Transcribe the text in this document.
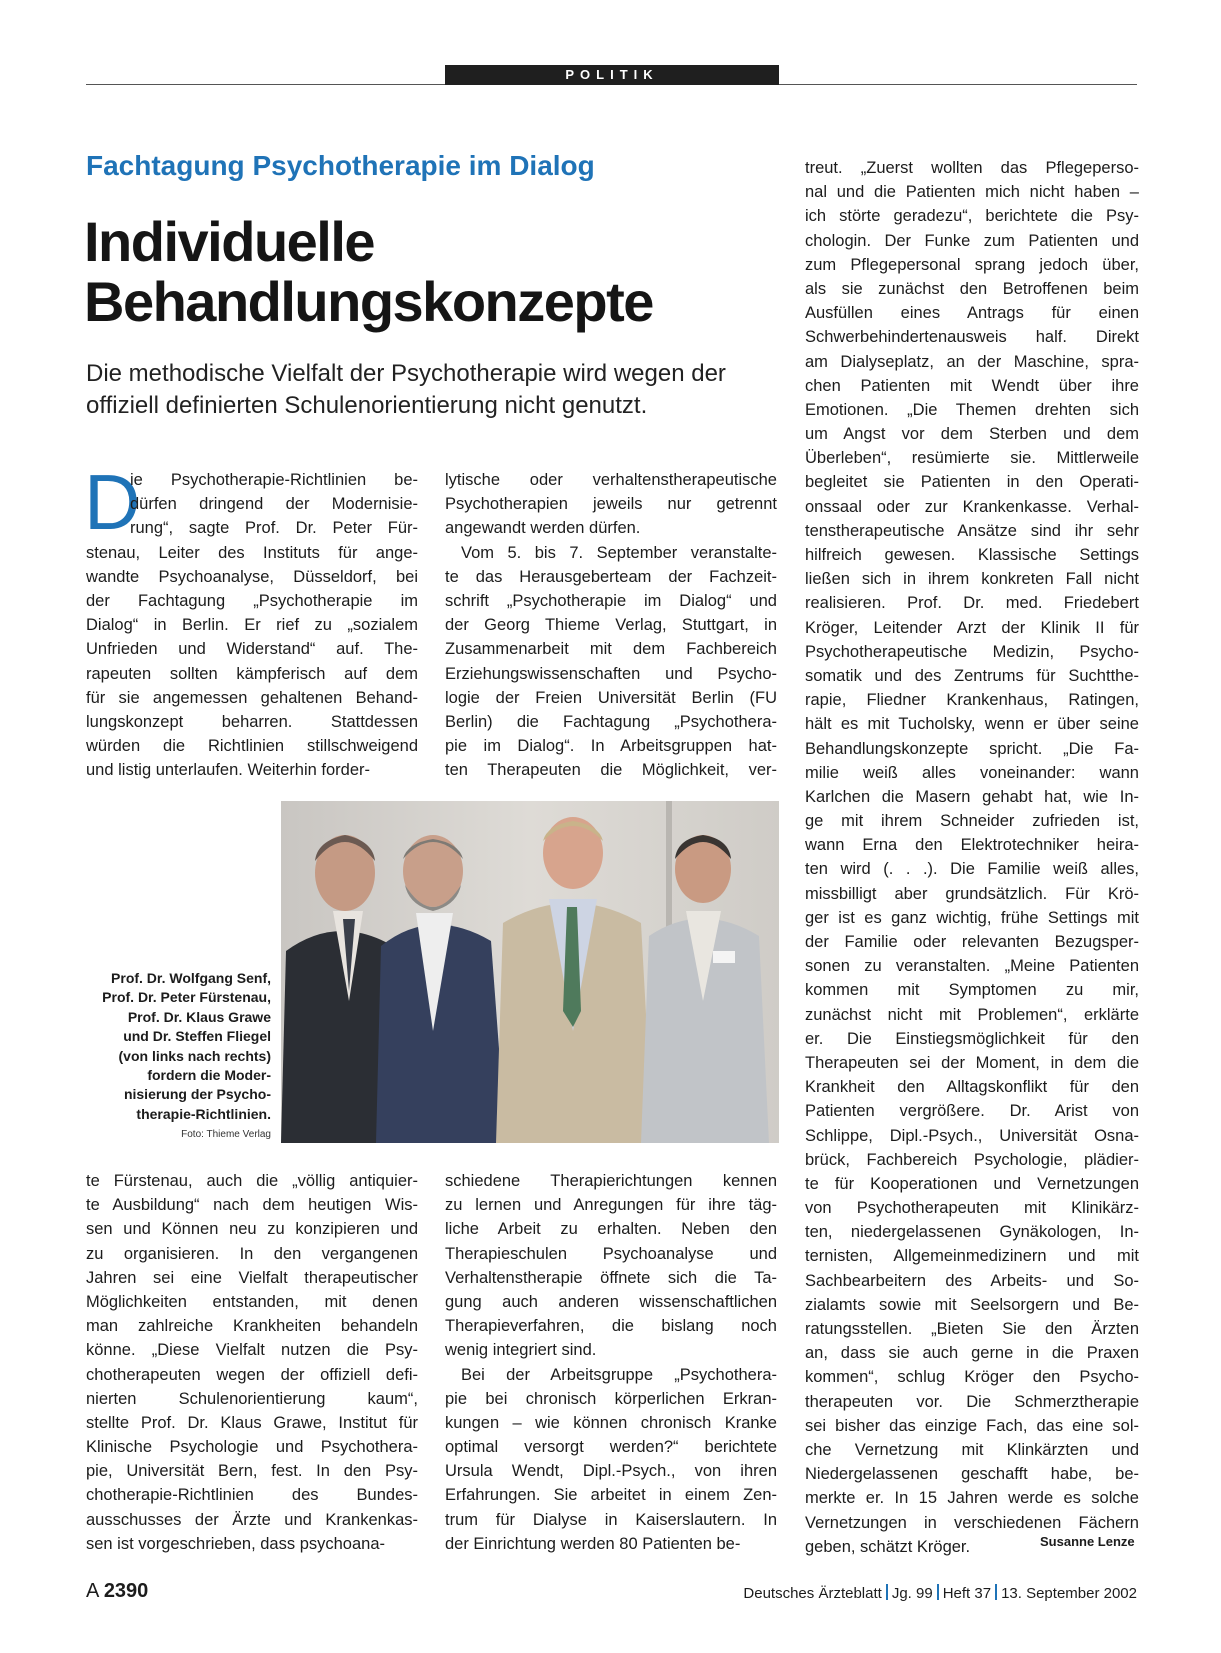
POLITIK
Fachtagung Psychotherapie im Dialog
Individuelle
Behandlungskonzepte

Die methodische Vielfalt der Psychotherapie wird wegen der
offiziell definierten Schulenorientierung nicht genutzt.

D
ie Psychotherapie-Richtlinien be-
dürfen dringend der Modernisie-
rung“, sagte Prof. Dr. Peter Für-
stenau, Leiter des Instituts für ange-
wandte Psychoanalyse, Düsseldorf, bei
der Fachtagung „Psychotherapie im
Dialog“ in Berlin. Er rief zu „sozialem
Unfrieden und Widerstand“ auf. The-
rapeuten sollten kämpferisch auf dem
für sie angemessen gehaltenen Behand-
lungskonzept beharren. Stattdessen
würden die Richtlinien stillschweigend
und listig unterlaufen. Weiterhin forder-
lytische oder verhaltenstherapeutische
Psychotherapien jeweils nur getrennt
angewandt werden dürfen.
Vom 5. bis 7. September veranstalte-
te das Herausgeberteam der Fachzeit-
schrift „Psychotherapie im Dialog“ und
der Georg Thieme Verlag, Stuttgart, in
Zusammenarbeit mit dem Fachbereich
Erziehungswissenschaften und Psycho-
logie der Freien Universität Berlin (FU
Berlin) die Fachtagung „Psychothera-
pie im Dialog“. In Arbeitsgruppen hat-
ten Therapeuten die Möglichkeit, ver-
treut. „Zuerst wollten das Pflegeperso-
nal und die Patienten mich nicht haben –
ich störte geradezu“, berichtete die Psy-
chologin. Der Funke zum Patienten und
zum Pflegepersonal sprang jedoch über,
als sie zunächst den Betroffenen beim
Ausfüllen eines Antrags für einen
Schwerbehindertenausweis half. Direkt
am Dialyseplatz, an der Maschine, spra-
chen Patienten mit Wendt über ihre
Emotionen. „Die Themen drehten sich
um Angst vor dem Sterben und dem
Überleben“, resümierte sie. Mittlerweile
begleitet sie Patienten in den Operati-
onssaal oder zur Krankenkasse. Verhal-
tenstherapeutische Ansätze sind ihr sehr
hilfreich gewesen. Klassische Settings
ließen sich in ihrem konkreten Fall nicht
realisieren. Prof. Dr. med. Friedebert
Kröger, Leitender Arzt der Klinik II für
Psychotherapeutische Medizin, Psycho-
somatik und des Zentrums für Suchtthe-
rapie, Fliedner Krankenhaus, Ratingen,
hält es mit Tucholsky, wenn er über seine
Behandlungskonzepte spricht. „Die Fa-
milie weiß alles voneinander: wann
Karlchen die Masern gehabt hat, wie In-
ge mit ihrem Schneider zufrieden ist,
wann Erna den Elektrotechniker heira-
ten wird (. . .). Die Familie weiß alles,
missbilligt aber grundsätzlich. Für Krö-
ger ist es ganz wichtig, frühe Settings mit
der Familie oder relevanten Bezugsper-
sonen zu veranstalten. „Meine Patienten
kommen mit Symptomen zu mir,
zunächst nicht mit Problemen“, erklärte
er. Die Einstiegsmöglichkeit für den
Therapeuten sei der Moment, in dem die
Krankheit den Alltagskonflikt für den
Patienten vergrößere. Dr. Arist von
Schlippe, Dipl.-Psych., Universität Osna-
brück, Fachbereich Psychologie, plädier-
te für Kooperationen und Vernetzungen
von Psychotherapeuten mit Klinikärz-
ten, niedergelassenen Gynäkologen, In-
ternisten, Allgemeinmedizinern und mit
Sachbearbeitern des Arbeits- und So-
zialamts sowie mit Seelsorgern und Be-
ratungsstellen. „Bieten Sie den Ärzten
an, dass sie auch gerne in die Praxen
kommen“, schlug Kröger den Psycho-
therapeuten vor. Die Schmerztherapie
sei bisher das einzige Fach, das eine sol-
che Vernetzung mit Klinkärzten und
Niedergelassenen geschafft habe, be-
merkte er. In 15 Jahren werde es solche
Vernetzungen in verschiedenen Fächern
geben, schätzt Kröger.
te Fürstenau, auch die „völlig antiquier-
te Ausbildung“ nach dem heutigen Wis-
sen und Können neu zu konzipieren und
zu organisieren. In den vergangenen
Jahren sei eine Vielfalt therapeutischer
Möglichkeiten entstanden, mit denen
man zahlreiche Krankheiten behandeln
könne. „Diese Vielfalt nutzen die Psy-
chotherapeuten wegen der offiziell defi-
nierten Schulenorientierung kaum“,
stellte Prof. Dr. Klaus Grawe, Institut für
Klinische Psychologie und Psychothera-
pie, Universität Bern, fest. In den Psy-
chotherapie-Richtlinien des Bundes-
ausschusses der Ärzte und Krankenkas-
sen ist vorgeschrieben, dass psychoana-
schiedene Therapierichtungen kennen
zu lernen und Anregungen für ihre täg-
liche Arbeit zu erhalten. Neben den
Therapieschulen Psychoanalyse und
Verhaltenstherapie öffnete sich die Ta-
gung auch anderen wissenschaftlichen
Therapieverfahren, die bislang noch
wenig integriert sind.
Bei der Arbeitsgruppe „Psychothera-
pie bei chronisch körperlichen Erkran-
kungen – wie können chronisch Kranke
optimal versorgt werden?“ berichtete
Ursula Wendt, Dipl.-Psych., von ihren
Erfahrungen. Sie arbeitet in einem Zen-
trum für Dialyse in Kaiserslautern. In
der Einrichtung werden 80 Patienten be-

Prof. Dr. Wolfgang Senf,
Prof. Dr. Peter Fürstenau,
Prof. Dr. Klaus Grawe
und Dr. Steffen Fliegel
(von links nach rechts)
fordern die Moder-
nisierung der Psycho-
therapie-Richtlinien.

Foto: Thieme Verlag
Susanne Lenze
A 2390	Deutsches Ärzteblatt Jg. 99 Heft 37 13. September 2002
